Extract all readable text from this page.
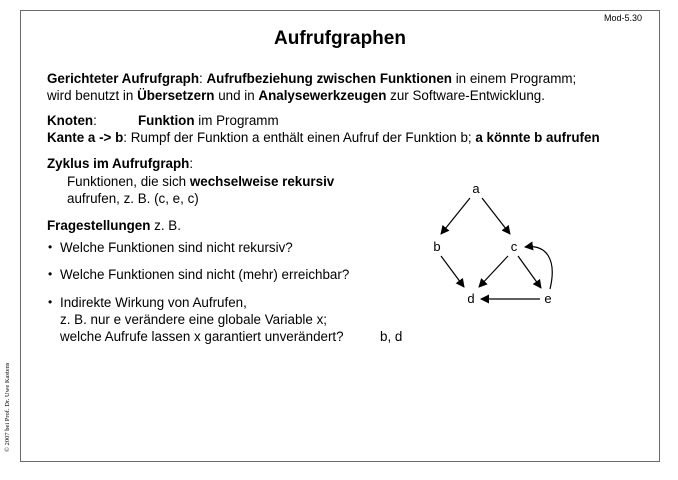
Mod-5.30
Aufrufgraphen
Gerichteter Aufrufgraph: Aufrufbeziehung zwischen Funktionen in einem Programm;
wird benutzt in Übersetzern und in Analysewerkzeugen zur Software-Entwicklung.
Knoten:	Funktion im Programm
Kante a -> b: Rumpf der Funktion a enthält einen Aufruf der Funktion b; a könnte b aufrufen
Zyklus im Aufrufgraph:
Funktionen, die sich wechselweise rekursiv
aufrufen, z. B. (c, e, c)
Fragestellungen z. B.
• Welche Funktionen sind nicht rekursiv?
• Welche Funktionen sind nicht (mehr) erreichbar?
• Indirekte Wirkung von Aufrufen,
z. B. nur e verändere eine globale Variable x;
welche Aufrufe lassen x garantiert unverändert?	b, d
a
b	c
d	e
© 2007 bei Prof. Dr. Uwe Kastens
